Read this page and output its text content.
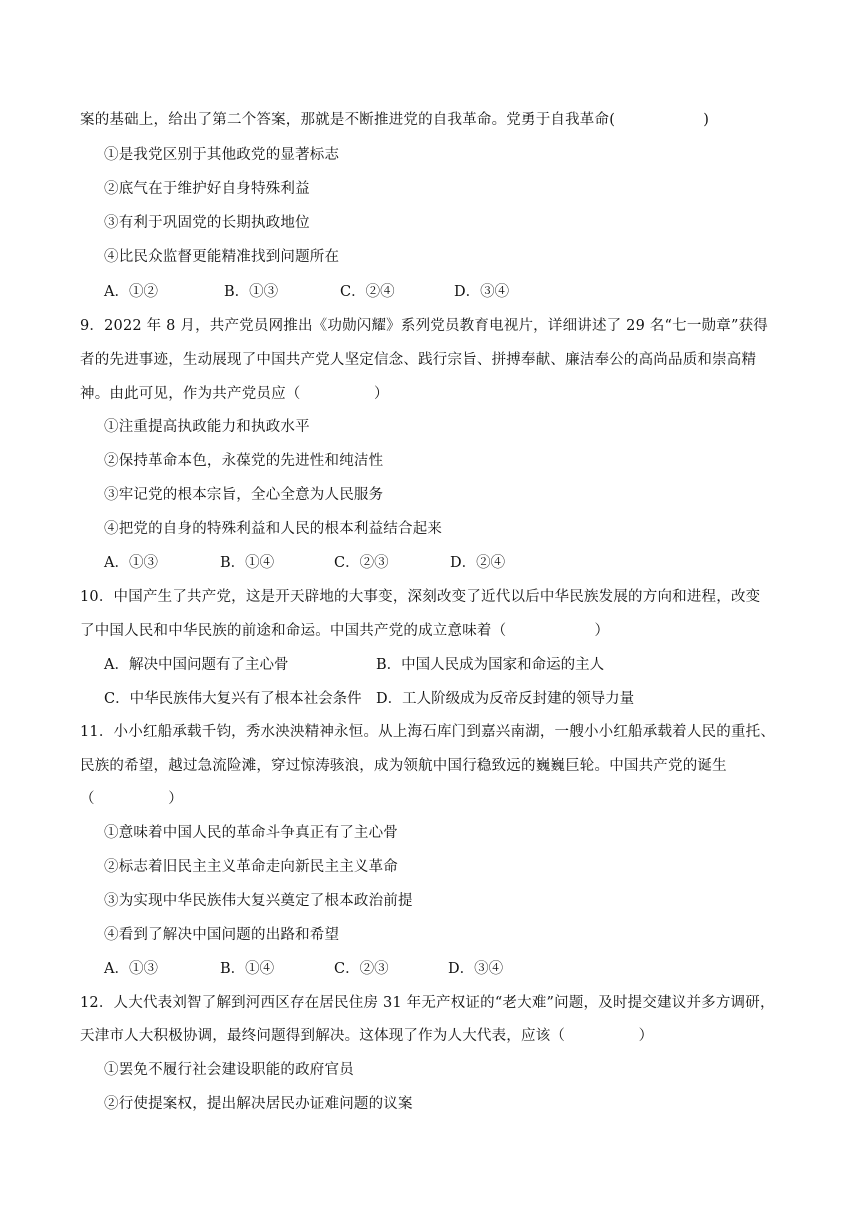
案的基础上，给出了第二个答案，那就是不断推进党的自我革命。党勇于自我革命(　　　　　　)
①是我党区别于其他政党的显著标志
②底气在于维护好自身特殊利益
③有利于巩固党的长期执政地位
④比民众监督更能精准找到问题所在
A．①②	B．①③	C．②④	D．③④
9．2022 年 8 月，共产党员网推出《功勋闪耀》系列党员教育电视片，详细讲述了 29 名“七一勋章”获得
者的先进事迹，生动展现了中国共产党人坚定信念、践行宗旨、拼搏奉献、廉洁奉公的高尚品质和崇高精
神。由此可见，作为共产党员应（　　　　　）
①注重提高执政能力和执政水平
②保持革命本色，永葆党的先进性和纯洁性
③牢记党的根本宗旨，全心全意为人民服务
④把党的自身的特殊利益和人民的根本利益结合起来
A．①③	B．①④	C．②③	D．②④
10．中国产生了共产党，这是开天辟地的大事变，深刻改变了近代以后中华民族发展的方向和进程，改变
了中国人民和中华民族的前途和命运。中国共产党的成立意味着（　　　　　　）
A．解决中国问题有了主心骨	B．中国人民成为国家和命运的主人
C．中华民族伟大复兴有了根本社会条件 D．工人阶级成为反帝反封建的领导力量
11．小小红船承载千钧，秀水泱泱精神永恒。从上海石库门到嘉兴南湖，一艘小小红船承载着人民的重托、
民族的希望，越过急流险滩，穿过惊涛骇浪，成为领航中国行稳致远的巍巍巨轮。中国共产党的诞生
（　　　　　）
①意味着中国人民的革命斗争真正有了主心骨
②标志着旧民主主义革命走向新民主主义革命
③为实现中华民族伟大复兴奠定了根本政治前提
④看到了解决中国问题的出路和希望
A．①③	B．①④	C．②③	D．③④
12．人大代表刘智了解到河西区存在居民住房 31 年无产权证的“老大难”问题，及时提交建议并多方调研，
天津市人大积极协调，最终问题得到解决。这体现了作为人大代表，应该（　　　　　）
①罢免不履行社会建设职能的政府官员
②行使提案权，提出解决居民办证难问题的议案
